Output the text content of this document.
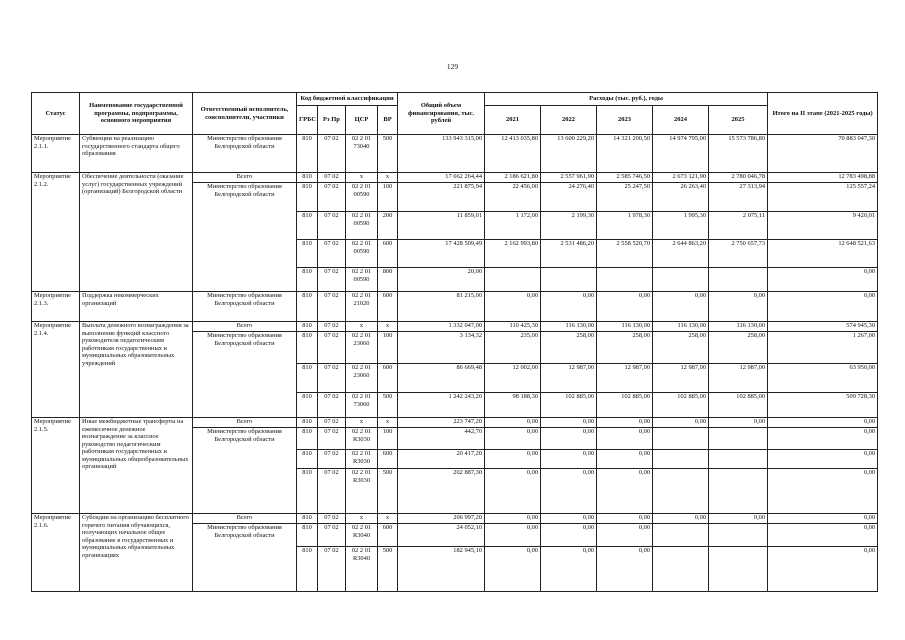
129
Статус	Наименование государственной программы, подпрограммы, основного мероприятия	Ответственный исполнитель, соисполнители, участники	Код бюджетной классификации				Общий объем финансирования, тыс. рублей	Расходы (тыс. руб.), годы					Итого на II этапе (2021-2025 годы)
			ГРБС	Рз Пр	ЦСР	ВР		2021	2022	2023	2024	2025	
Мероприятие 2.1.1.	Субвенции на реализацию государственного стандарта общего образования	Министерство образования Белгородской области	810	07 02	02 2 01 73040	500	133 943 315,00	12 413 035,80	13 600 229,20	14 321 200,50	14 974 795,00	15 573 786,80	70 883 047,30
Мероприятие 2.1.2.	Обеспечение деятельности (оказание услуг) государственных учреждений (организаций) Белгородской области	Всего	810	07 02	х	х	17 662 264,44	2 186 621,80	2 557 961,90	2 585 746,50	2 673 121,90	2 780 046,78	12 783 498,88
		Министерство образования Белгородской области	810	07 02	02 2 01 00590	100	221 875,94	22 456,00	24 276,40	25 247,50	26 263,40	27 313,94	125 557,24
			810	07 02	02 2 01 00590	200	11 859,01	1 172,00	2 199,30	1 978,30	1 995,30	2 075,11	9 420,01
			810	07 02	02 2 01 00590	600	17 428 509,49	2 162 993,80	2 531 486,20	2 558 520,70	2 644 863,20	2 750 657,73	12 648 521,63
			810	07 02	02 2 01 00590	800	20,00						0,00
Мероприятие 2.1.3.	Поддержка некоммерческих организаций	Министерство образования Белгородской области	810	07 02	02 2 01 21020	600	81 215,00	0,00	0,00	0,00	0,00	0,00	0,00
Мероприятие 2.1.4.	Выплата денежного вознаграждения за выполнение функций классного руководителя педагогическим работникам государственных и муниципальных образовательных учреждений	Всего	810	07 02	х	х	1 332 047,00	110 425,30	116 130,00	116 130,00	116 130,00	116 130,00	574 945,30
		Министерство образования Белгородской области	810	07 02	02 2 01 23060	100	3 134,32	235,00	258,00	258,00	258,00	258,00	1 267,00
			810	07 02	02 2 01 23060	600	86 669,48	12 002,00	12 987,00	12 987,00	12 987,00	12 987,00	63 950,00
			810	07 02	02 2 01 73060	500	1 242 243,20	98 188,30	102 885,00	102 885,00	102 885,00	102 885,00	509 728,30
Мероприятие 2.1.5.	Иные межбюджетные трансферты на ежемесячное денежное вознаграждение за классное руководство педагогическим работникам государственных и муниципальных общеобразовательных организаций	Всего	810	07 02	х	х	223 747,20	0,00	0,00	0,00	0,00	0,00	0,00
		Министерство образования Белгородской области	810	07 02	02 2 01 R3030	100	442,70	0,00	0,00	0,00			0,00
			810	07 02	02 2 01 R3030	600	20 417,20	0,00	0,00	0,00			0,00
			810	07 02	02 2 01 R3030	500	202 887,30	0,00	0,00	0,00			0,00
Мероприятие 2.1.6.	Субсидии на организацию бесплатного горячего питания обучающихся, получающих начальное общее образование в государственных и муниципальных образовательных организациях	Всего	810	07 02	х	х	206 997,20	0,00	0,00	0,00	0,00	0,00	0,00
		Министерство образования Белгородской области	810	07 02	02 2 01 R3040	600	24 052,10	0,00	0,00	0,00			0,00
			810	07 02	02 2 01 R3040	500	182 945,10	0,00	0,00	0,00			0,00
